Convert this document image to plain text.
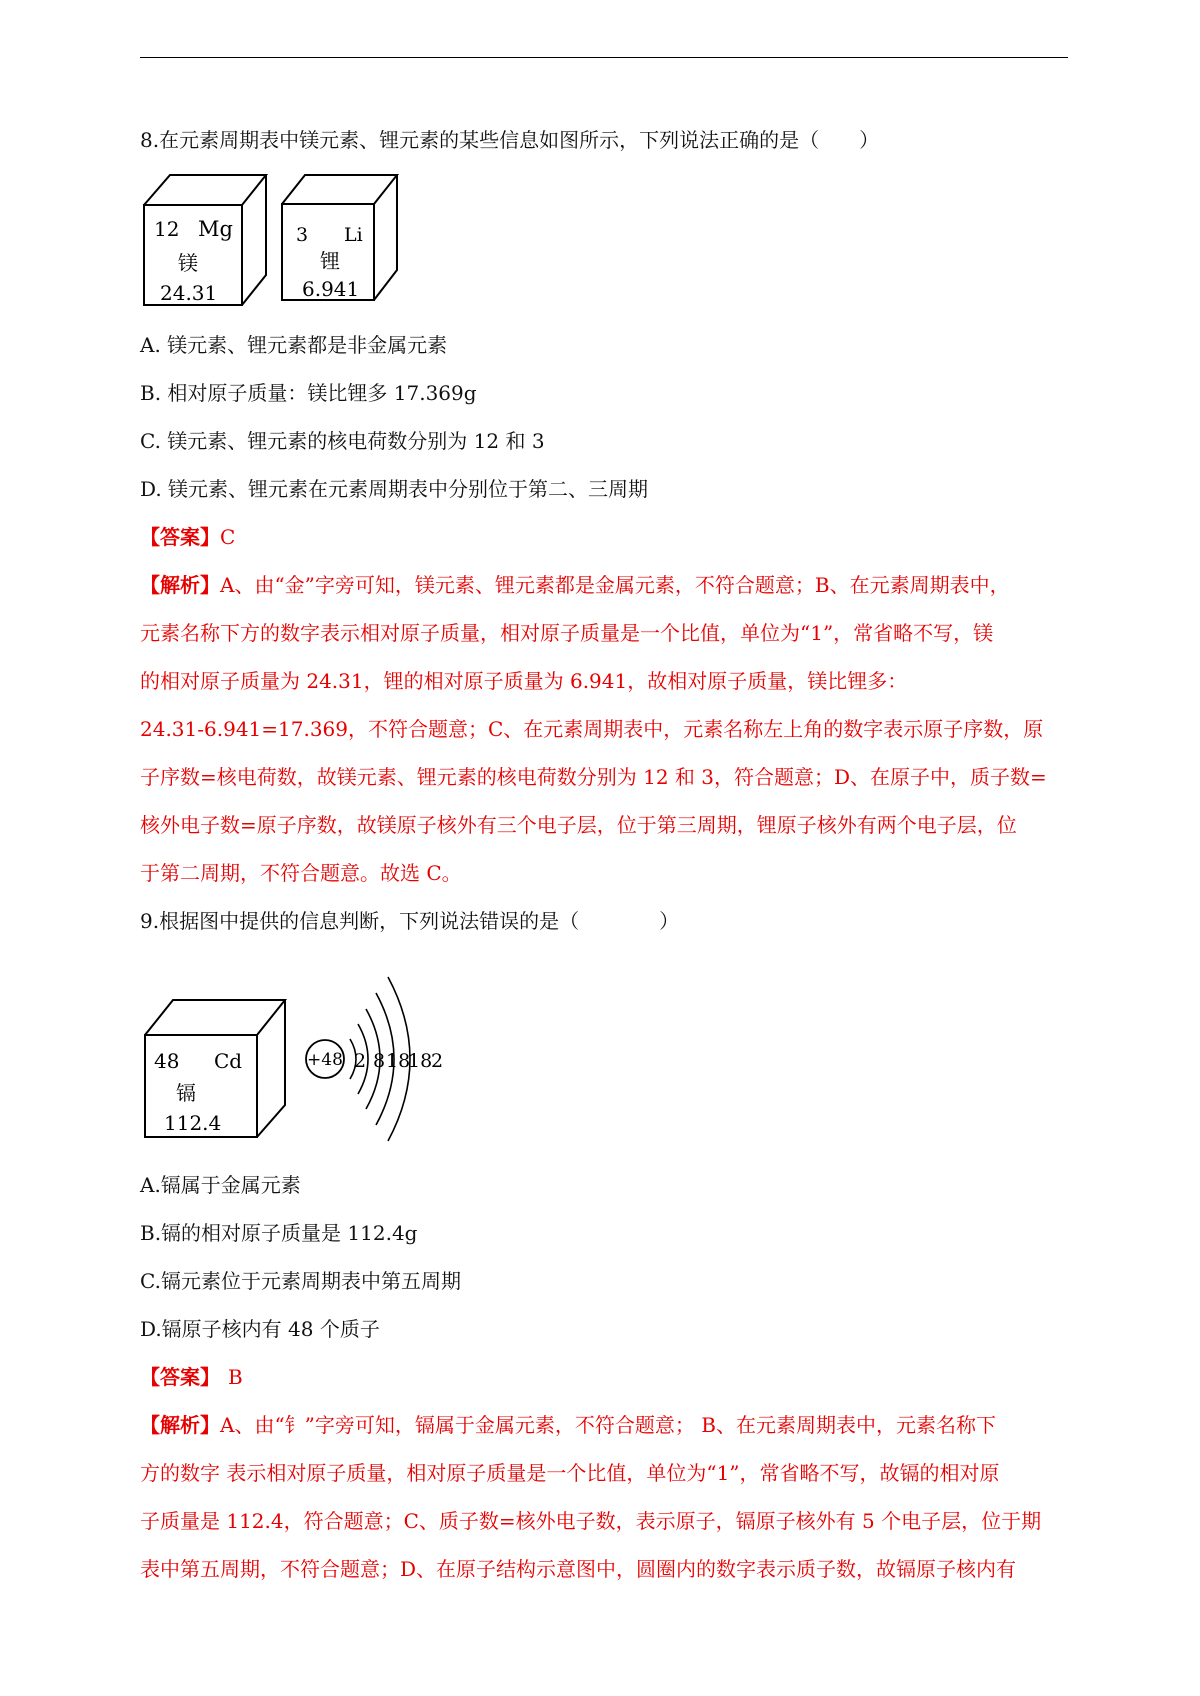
8.在元素周期表中镁元素、锂元素的某些信息如图所示，下列说法正确的是（　　）
12 Mg
镁
24.31
3 Li
锂
6.941
A. 镁元素、锂元素都是非金属元素
B. 相对原子质量：镁比锂多 17.369g
C. 镁元素、锂元素的核电荷数分别为 12 和 3
D. 镁元素、锂元素在元素周期表中分别位于第二、三周期
【答案】C
【解析】A、由“金”字旁可知，镁元素、锂元素都是金属元素，不符合题意；B、在元素周期表中，
元素名称下方的数字表示相对原子质量，相对原子质量是一个比值，单位为“1”，常省略不写，镁
的相对原子质量为 24.31，锂的相对原子质量为 6.941，故相对原子质量，镁比锂多：
24.31-6.941=17.369，不符合题意；C、在元素周期表中，元素名称左上角的数字表示原子序数，原
子序数=核电荷数，故镁元素、锂元素的核电荷数分别为 12 和 3，符合题意；D、在原子中，质子数=
核外电子数=原子序数，故镁原子核外有三个电子层，位于第三周期，锂原子核外有两个电子层，位
于第二周期，不符合题意。故选 C。
9.根据图中提供的信息判断，下列说法错误的是（　　　　）
48 Cd
镉
112.4
+48 2 8 18
18
2
A.镉属于金属元素
B.镉的相对原子质量是 112.4g
C.镉元素位于元素周期表中第五周期
D.镉原子核内有 48 个质子
【答案】 B
【解析】A、由“钅”字旁可知，镉属于金属元素，不符合题意； B、在元素周期表中，元素名称下
方的数字 表示相对原子质量，相对原子质量是一个比值，单位为“1”，常省略不写，故镉的相对原
子质量是 112.4，符合题意；C、质子数=核外电子数，表示原子，镉原子核外有 5 个电子层，位于期
表中第五周期，不符合题意；D、在原子结构示意图中，圆圈内的数字表示质子数，故镉原子核内有
